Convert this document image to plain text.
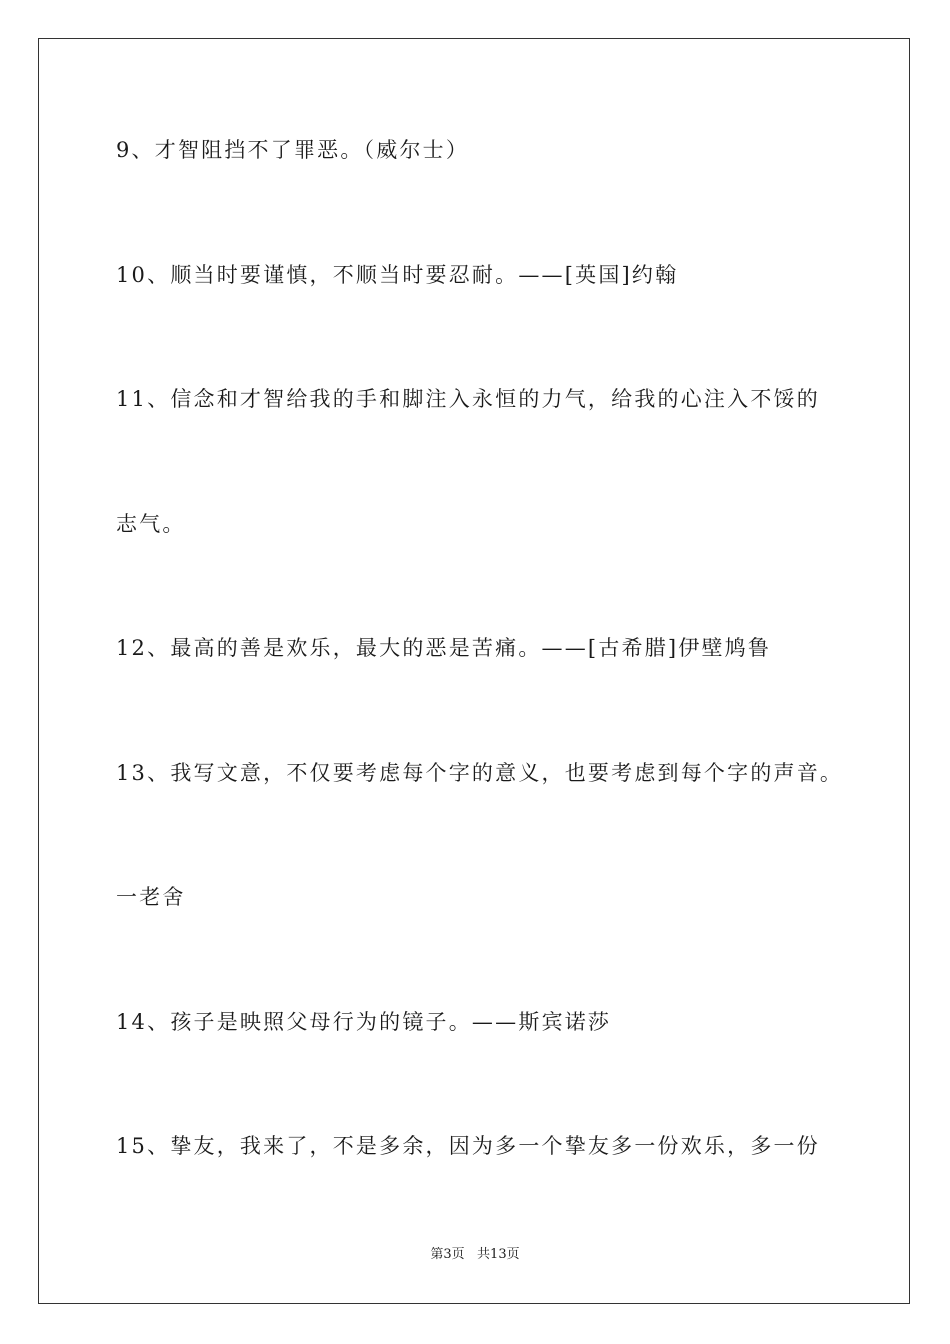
9、才智阻挡不了罪恶。（威尔士）
10、顺当时要谨慎，不顺当时要忍耐。——[英国]约翰
11、信念和才智给我的手和脚注入永恒的力气，给我的心注入不馁的
志气。
12、最高的善是欢乐，最大的恶是苦痛。——[古希腊]伊壁鸠鲁
13、我写文意，不仅要考虑每个字的意义，也要考虑到每个字的声音。
一老舍
14、孩子是映照父母行为的镜子。——斯宾诺莎
15、挚友，我来了，不是多余，因为多一个挚友多一份欢乐，多一份
第3页   共13页
